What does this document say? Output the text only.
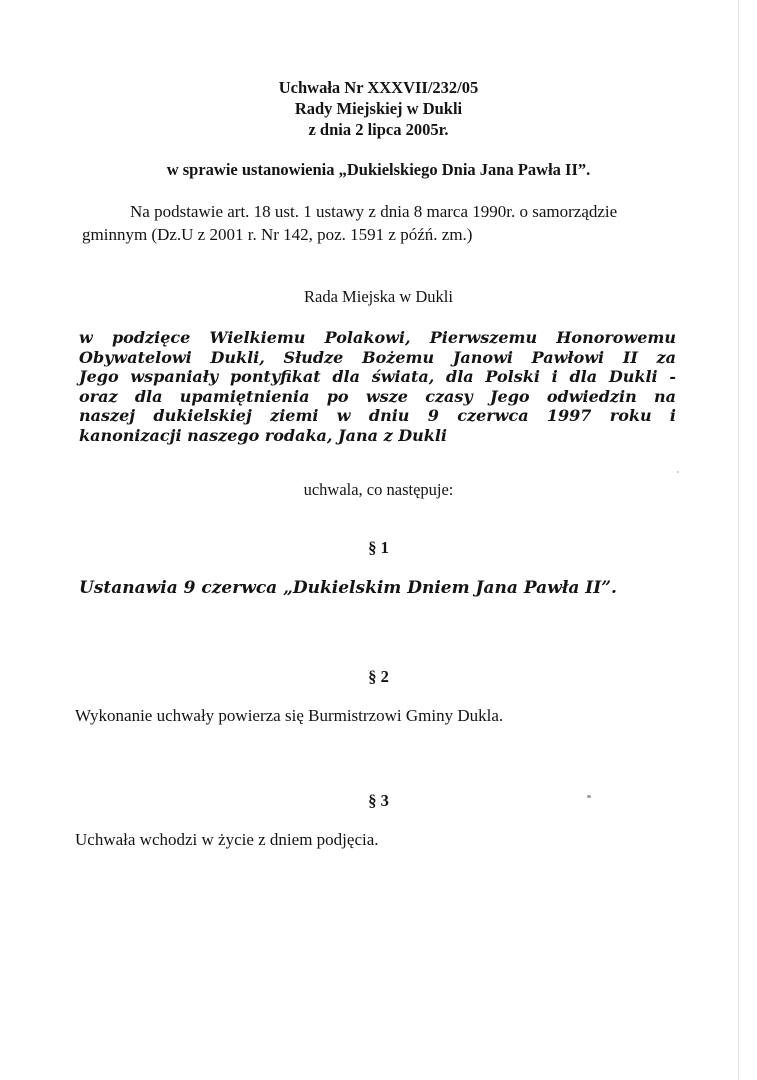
Uchwała Nr XXXVII/232/05

Rady Miejskiej w Dukli

z dnia 2 lipca 2005r.

w sprawie ustanowienia „Dukielskiego Dnia Jana Pawła II”.

Na podstawie art. 18 ust. 1 ustawy z dnia 8 marca 1990r. o samorządzie
gminnym (Dz.U z 2001 r. Nr 142, poz. 1591 z późń. zm.)

Rada Miejska w Dukli

w podzięce Wielkiemu Polakowi, Pierwszemu Honorowemu
Obywatelowi Dukli, Słudze Bożemu Janowi Pawłowi II za
Jego wspaniały pontyfikat dla świata, dla Polski i dla Dukli -
oraz dla upamiętnienia po wsze czasy Jego odwiedzin na
naszej dukielskiej ziemi w dniu 9 czerwca 1997 roku i
kanonizacji naszego rodaka, Jana z Dukli

uchwala, co następuje:

§ 1

Ustanawia 9 czerwca „Dukielskim Dniem Jana Pawła II”.

§ 2

Wykonanie uchwały powierza się Burmistrzowi Gminy Dukla.

§ 3

Uchwała wchodzi w życie z dniem podjęcia.
